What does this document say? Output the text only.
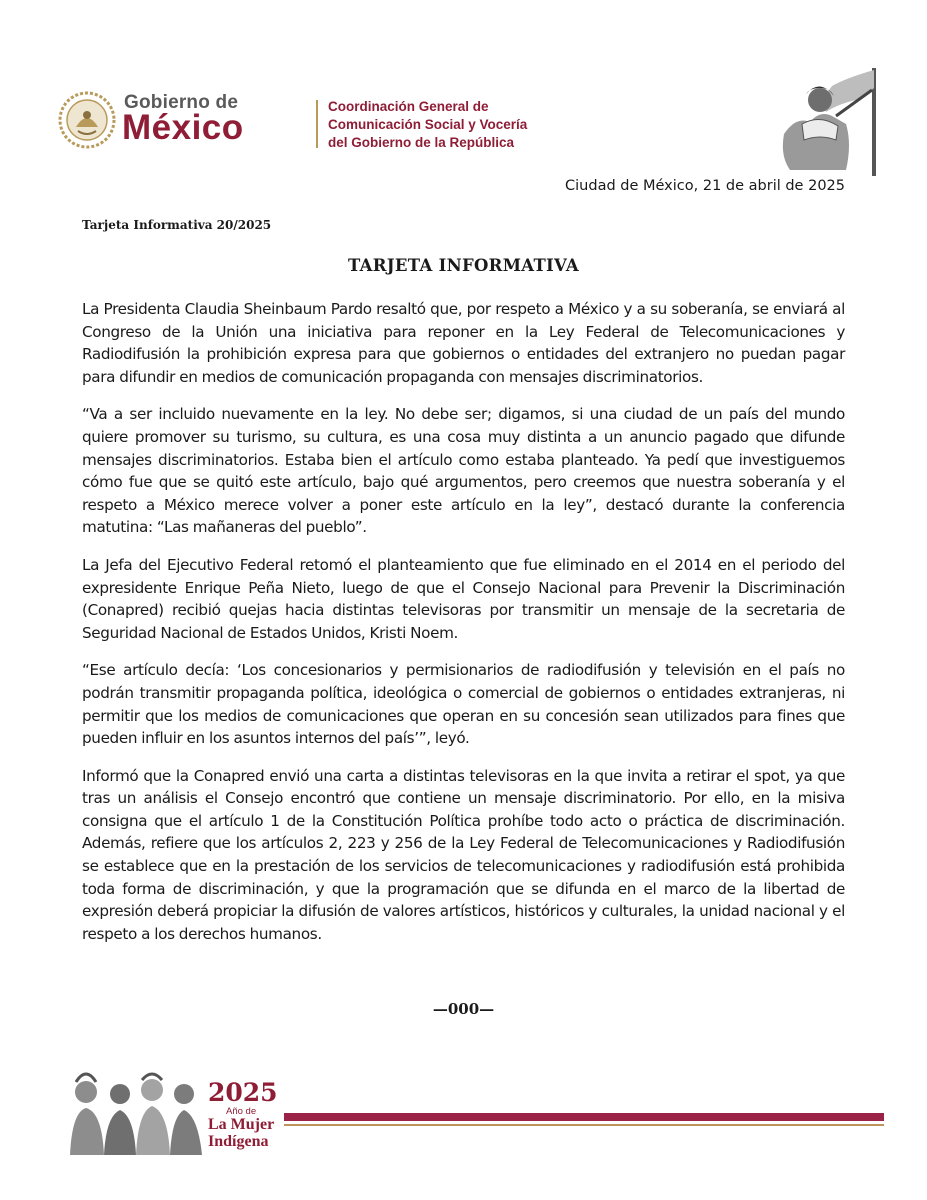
Gobierno de
México
Coordinación General de
Comunicación Social y Vocería
del Gobierno de la República
Ciudad de México, 21 de abril de 2025
Tarjeta Informativa 20/2025
TARJETA INFORMATIVA

La Presidenta Claudia Sheinbaum Pardo resaltó que, por respeto a México y a su soberanía, se enviará al Congreso de la Unión una iniciativa para reponer en la Ley Federal de Telecomunicaciones y Radiodifusión la prohibición expresa para que gobiernos o entidades del extranjero no puedan pagar para difundir en medios de comunicación propaganda con mensajes discriminatorios.

“Va a ser incluido nuevamente en la ley. No debe ser; digamos, si una ciudad de un país del mundo quiere promover su turismo, su cultura, es una cosa muy distinta a un anuncio pagado que difunde mensajes discriminatorios. Estaba bien el artículo como estaba planteado. Ya pedí que investiguemos cómo fue que se quitó este artículo, bajo qué argumentos, pero creemos que nuestra soberanía y el respeto a México merece volver a poner este artículo en la ley”, destacó durante la conferencia matutina: “Las mañaneras del pueblo”.

La Jefa del Ejecutivo Federal retomó el planteamiento que fue eliminado en el 2014 en el periodo del expresidente Enrique Peña Nieto, luego de que el Consejo Nacional para Prevenir la Discriminación (Conapred) recibió quejas hacia distintas televisoras por transmitir un mensaje de la secretaria de Seguridad Nacional de Estados Unidos, Kristi Noem.

“Ese artículo decía: ‘Los concesionarios y permisionarios de radiodifusión y televisión en el país no podrán transmitir propaganda política, ideológica o comercial de gobiernos o entidades extranjeras, ni permitir que los medios de comunicaciones que operan en su concesión sean utilizados para fines que pueden influir en los asuntos internos del país’”, leyó.

Informó que la Conapred envió una carta a distintas televisoras en la que invita a retirar el spot, ya que tras un análisis el Consejo encontró que contiene un mensaje discriminatorio. Por ello, en la misiva consigna que el artículo 1 de la Constitución Política prohíbe todo acto o práctica de discriminación. Además, refiere que los artículos 2, 223 y 256 de la Ley Federal de Telecomunicaciones y Radiodifusión se establece que en la prestación de los servicios de telecomunicaciones y radiodifusión está prohibida toda forma de discriminación, y que la programación que se difunda en el marco de la libertad de expresión deberá propiciar la difusión de valores artísticos, históricos y culturales, la unidad nacional y el respeto a los derechos humanos.

—000—
2025
Año de
La Mujer
Indígena
